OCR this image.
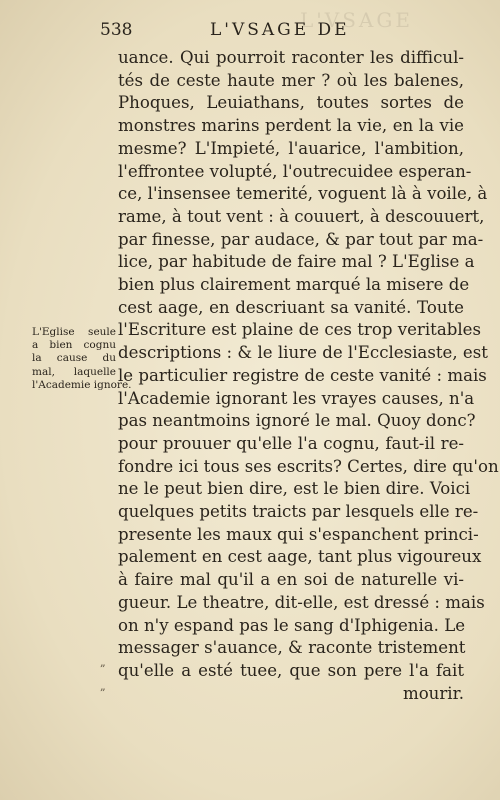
L'VSAGE
538	L'VSAGE DE
L'Eglise seule
a bien cognu
la cause du
mal, laquelle
l'Academie ignore.
„
„
uance. Qui pourroit raconter les difficul-
tés de ceste haute mer ? où les balenes,
Phoques, Leuiathans, toutes sortes de
monstres marins perdent la vie, en la vie
mesme? L'Impieté, l'auarice, l'ambition,
l'effrontee volupté, l'outrecuidee esperan-
ce, l'insensee temerité, voguent là à voile, à
rame, à tout vent : à couuert, à descouuert,
par finesse, par audace, & par tout par ma-
lice, par habitude de faire mal ? L'Eglise a
bien plus clairement marqué la misere de
cest aage, en descriuant sa vanité. Toute
l'Escriture est plaine de ces trop veritables
descriptions : & le liure de l'Ecclesiaste, est
le particulier registre de ceste vanité : mais
l'Academie ignorant les vrayes causes, n'a
pas neantmoins ignoré le mal. Quoy donc?
pour prouuer qu'elle l'a cognu, faut-il re-
fondre ici tous ses escrits? Certes, dire qu'on
ne le peut bien dire, est le bien dire. Voici
quelques petits traicts par lesquels elle re-
presente les maux qui s'espanchent princi-
palement en cest aage, tant plus vigoureux
à faire mal qu'il a en soi de naturelle vi-
gueur. Le theatre, dit-elle, est dressé : mais
on n'y espand pas le sang d'Iphigenia. Le
messager s'auance, & raconte tristement
qu'elle a esté tuee, que son pere l'a fait
mourir.
